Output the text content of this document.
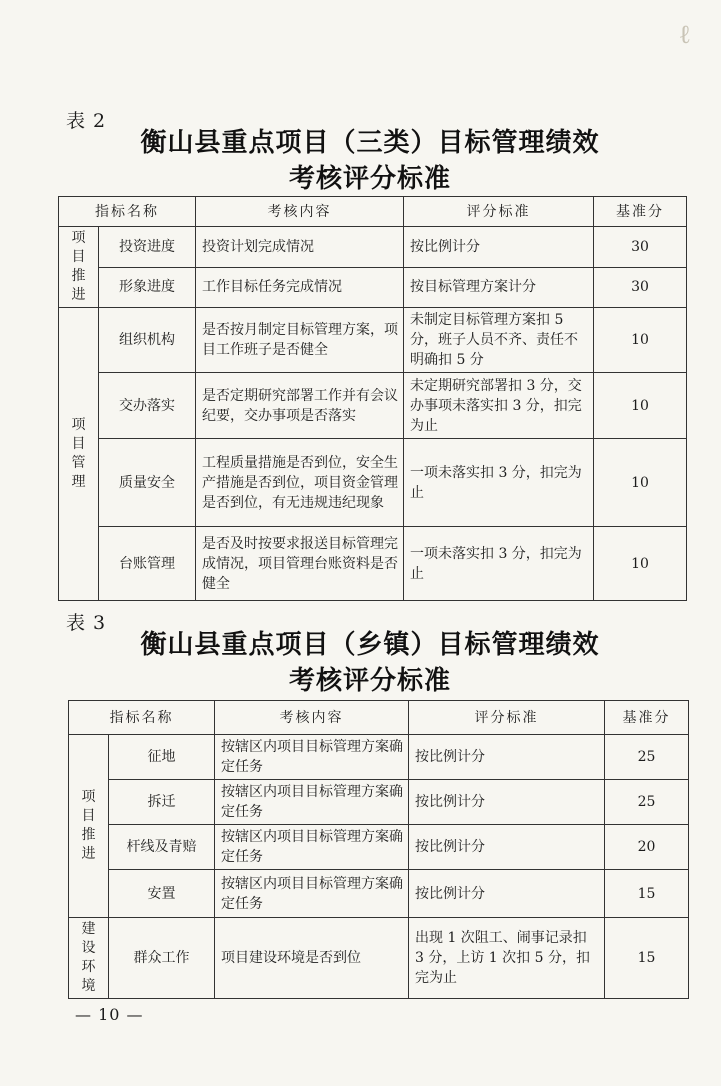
ℓ
表 2
衡山县重点项目（三类）目标管理绩效
考核评分标准
指标名称		考核内容	评分标准	基准分

项目推进	投资进度	投资计划完成情况	按比例计分	30
	形象进度	工作目标任务完成情况	按目标管理方案计分	30

项目管理	组织机构	是否按月制定目标管理方案，项目工作班子是否健全	未制定目标管理方案扣 5 分，班子人员不齐、责任不明确扣 5 分	10
	交办落实	是否定期研究部署工作并有会议纪要，交办事项是否落实	未定期研究部署扣 3 分，交办事项未落实扣 3 分，扣完为止	10
	质量安全	工程质量措施是否到位，安全生产措施是否到位，项目资金管理是否到位，有无违规违纪现象	一项未落实扣 3 分，扣完为止	10
	台账管理	是否及时按要求报送目标管理完成情况，项目管理台账资料是否健全	一项未落实扣 3 分，扣完为止	10
表 3
衡山县重点项目（乡镇）目标管理绩效
考核评分标准
指标名称		考核内容	评分标准	基准分

项目推进	征地	按辖区内项目目标管理方案确定任务	按比例计分	25
	拆迁	按辖区内项目目标管理方案确定任务	按比例计分	25
	杆线及青赔	按辖区内项目目标管理方案确定任务	按比例计分	20
	安置	按辖区内项目目标管理方案确定任务	按比例计分	15

建设环境	群众工作	项目建设环境是否到位	出现 1 次阻工、闹事记录扣 3 分，上访 1 次扣 5 分，扣完为止	15
— 10 —
